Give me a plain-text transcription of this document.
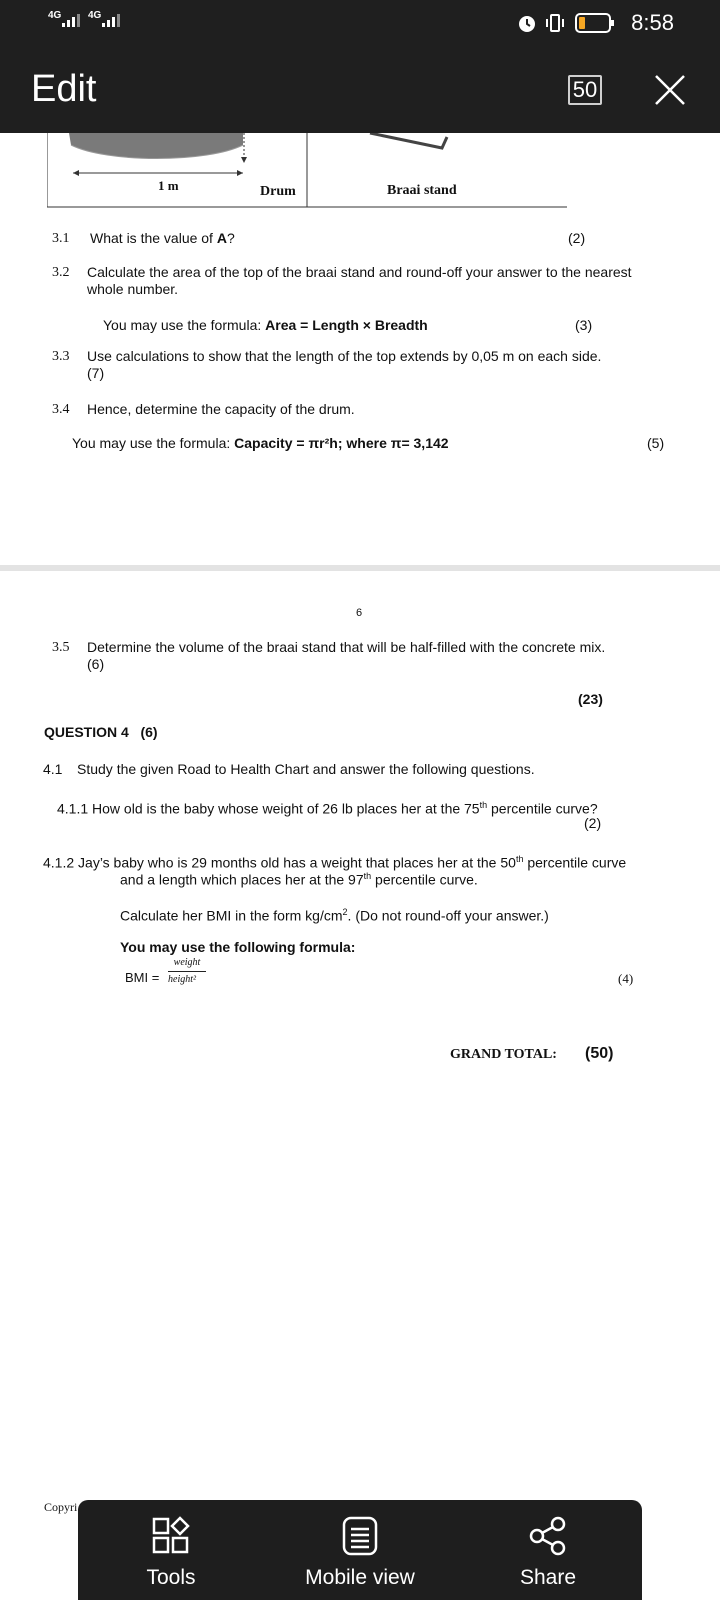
4G	4G	8:58
Edit	50
1 m	Drum	Braai stand
3.1 What is the value of A?	(2)
3.2 Calculate the area of the top of the braai stand and round-off your answer to the nearest
whole number.
You may use the formula: Area = Length × Breadth	(3)
3.3 Use calculations to show that the length of the top extends by 0,05 m on each side.
(7)
3.4 Hence, determine the capacity of the drum.
You may use the formula: Capacity = πr²h; where π= 3,142	(5)
6
3.5 Determine the volume of the braai stand that will be half-filled with the concrete mix.
(6)
(23)
QUESTION 4   (6)
4.1 Study the given Road to Health Chart and answer the following questions.
4.1.1 How old is the baby whose weight of 26 lb places her at the 75th percentile curve?
(2)
4.1.2 Jay’s baby who is 29 months old has a weight that places her at the 50th percentile curve
and a length which places her at the 97th percentile curve.
Calculate her BMI in the form $kg/cm^2$. (Do not round-off your answer.)
You may use the following formula:
BMI =
weight
height²	(4)
GRAND TOTAL: (50)
Copyri
Tools	Mobile view	Share
